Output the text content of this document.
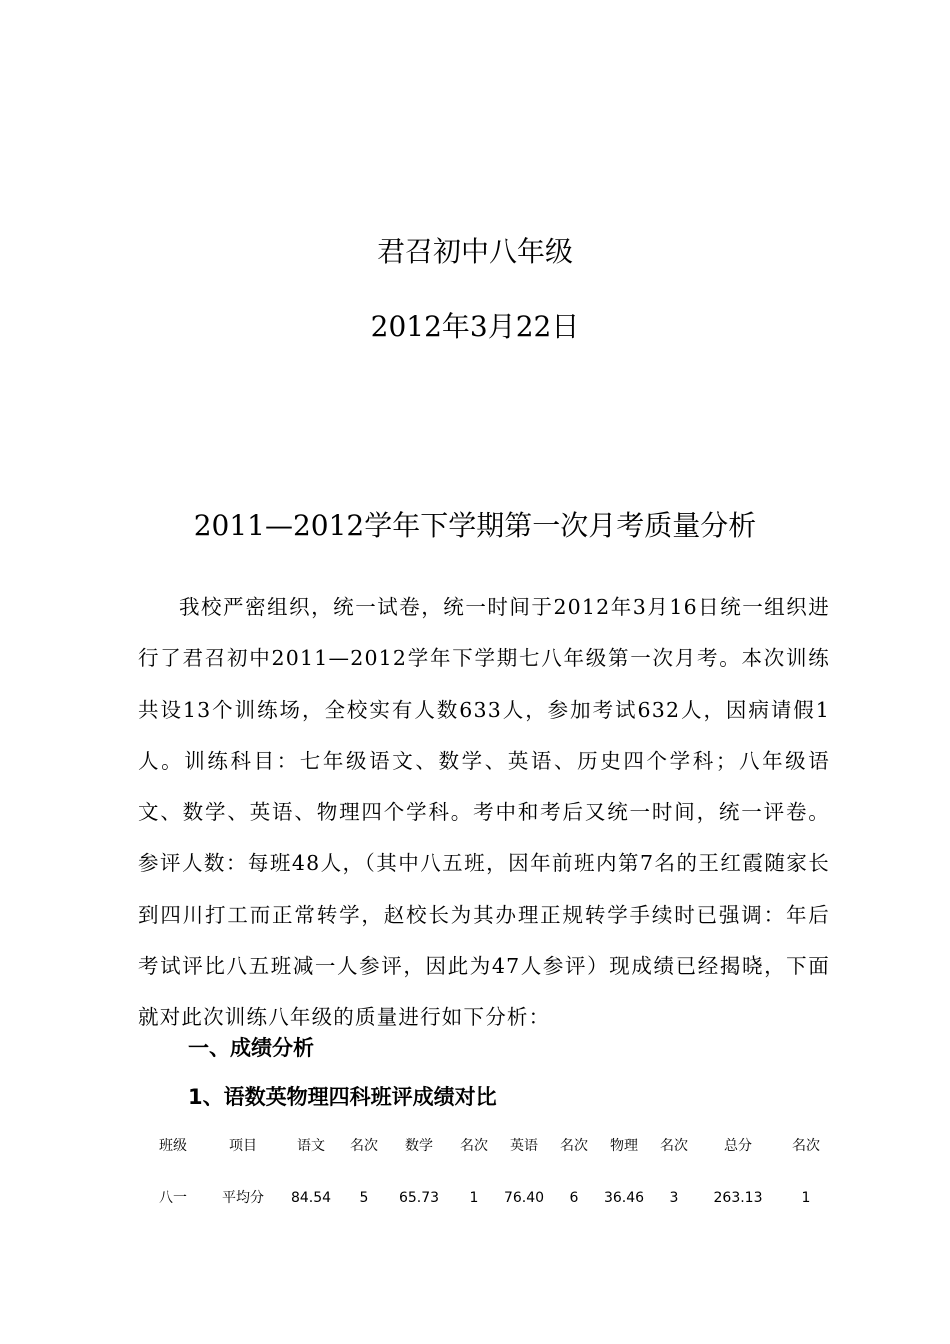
君召初中八年级
2012年3月22日
2011—2012学年下学期第一次月考质量分析
我校严密组织，统一试卷，统一时间于2012年3月16日统一组织进行了君召初中2011—2012学年下学期七八年级第一次月考。本次训练共设13个训练场，全校实有人数633人，参加考试632人，因病请假1人。训练科目：七年级语文、数学、英语、历史四个学科；八年级语文、数学、英语、物理四个学科。考中和考后又统一时间，统一评卷。参评人数：每班48人，（其中八五班，因年前班内第7名的王红霞随家长到四川打工而正常转学，赵校长为其办理正规转学手续时已强调：年后考试评比八五班减一人参评，因此为47人参评）现成绩已经揭晓，下面就对此次训练八年级的质量进行如下分析：
一、成绩分析
1、语数英物理四科班评成绩对比
班级	项目	语文	名次	数学	名次	英语	名次	物理	名次	总分	名次
八一	平均分	84.54	5	65.73	1	76.40	6	36.46	3	263.13	1
